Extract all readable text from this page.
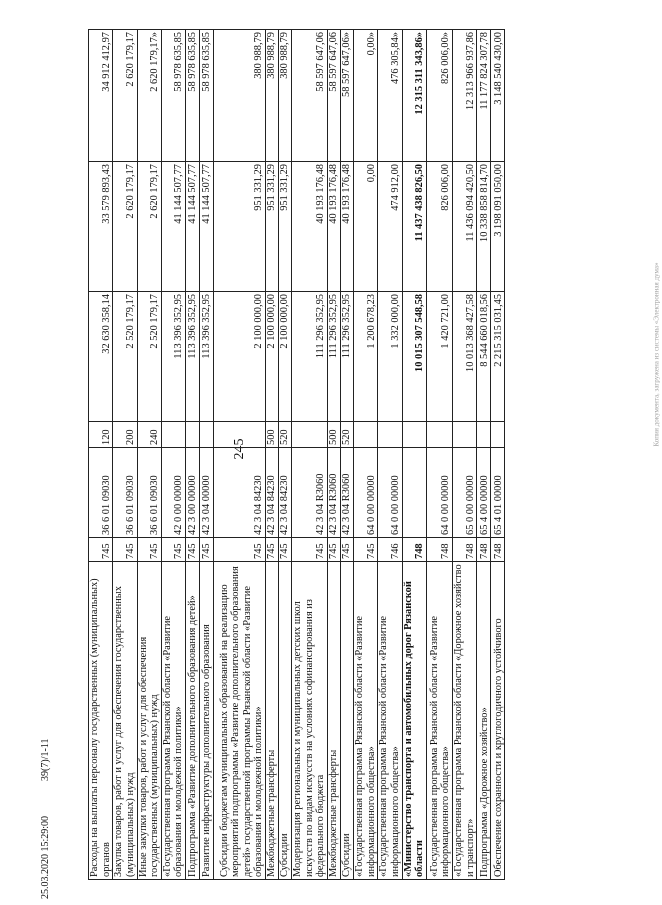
245
Копия документа, загружена из системы «Электронная дума»
Расходы на выплаты персоналу государственных (муниципальных) органов	745	36 6 01 09030	120	32 630 358,14	33 579 893,43	34 912 412,97
Закупка товаров, работ и услуг для обеспечения государственных (муниципальных) нужд	745	36 6 01 09030	200	2 520 179,17	2 620 179,17	2 620 179,17
Иные закупки товаров, работ и услуг для обеспечения государственных (муниципальных) нужд	745	36 6 01 09030	240	2 520 179,17	2 620 179,17	2 620 179,17»
«Государственная программа Рязанской области «Развитие образования и молодежной политики»	745	42 0 00 00000		113 396 352,95	41 144 507,77	58 978 635,85
Подпрограмма «Развитие дополнительного образования детей»	745	42 3 00 00000		113 396 352,95	41 144 507,77	58 978 635,85
Развитие инфраструктуры дополнительного образования	745	42 3 04 00000		113 396 352,95	41 144 507,77	58 978 635,85
Субсидии бюджетам муниципальных образований на реализацию мероприятий подпрограммы «Развитие дополнительного образования детей» государственной программы Рязанской области «Развитие образования и молодежной политики»	745	42 3 04 84230		2 100 000,00	951 331,29	380 988,79
Межбюджетные трансферты	745	42 3 04 84230	500	2 100 000,00	951 331,29	380 988,79
Субсидии	745	42 3 04 84230	520	2 100 000,00	951 331,29	380 988,79
Модернизация региональных и муниципальных детских школ искусств по видам искусств на условиях софинансирования из федерального бюджета	745	42 3 04 R3060		111 296 352,95	40 193 176,48	58 597 647,06
Межбюджетные трансферты	745	42 3 04 R3060	500	111 296 352,95	40 193 176,48	58 597 647,06
Субсидии	745	42 3 04 R3060	520	111 296 352,95	40 193 176,48	58 597 647,06»
«Государственная программа Рязанской области «Развитие информационного общества»	745	64 0 00 00000		1 200 678,23	0,00	0,00»
«Государственная программа Рязанской области «Развитие информационного общества»	746	64 0 00 00000		1 332 000,00	474 912,00	476 305,84»
«Министерство транспорта и автомобильных дорог Рязанской области	748			10 015 307 548,58	11 437 438 826,50	12 315 311 343,86»
«Государственная программа Рязанской области «Развитие информационного общества»	748	64 0 00 00000		1 420 721,00	826 006,00	826 006,00»
«Государственная программа Рязанской области «Дорожное хозяйство и транспорт»	748	65 0 00 00000		10 013 368 427,58	11 436 094 420,50	12 313 966 937,86
Подпрограмма «Дорожное хозяйство»	748	65 4 00 00000		8 544 660 018,56	10 338 858 814,70	11 177 824 307,78
Обеспечение сохранности и круглогодичного устойчивого	748	65 4 01 00000		2 215 315 031,45	3 198 091 050,00	3 148 540 430,00
25.03.2020 15:29:00  39(7)/1-11
